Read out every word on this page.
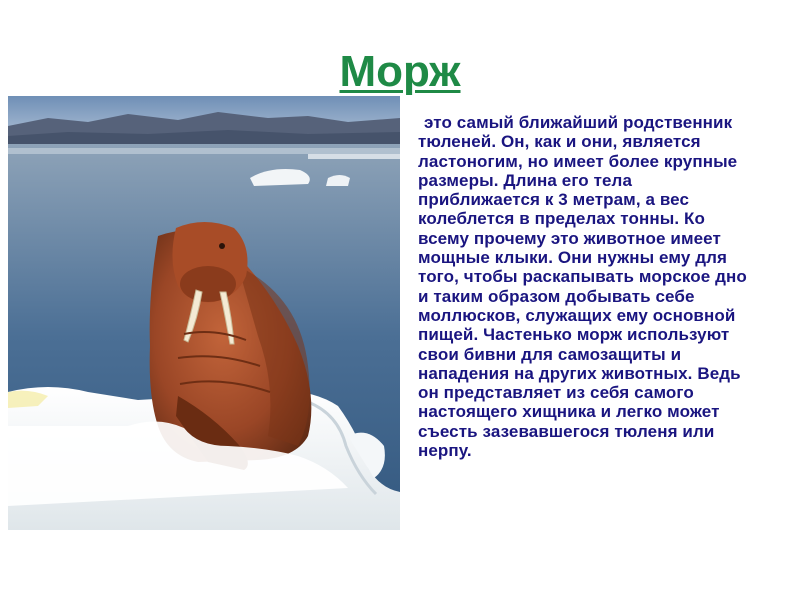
Морж

это самый ближайший родственник тюленей. Он, как и они, является ластоногим, но имеет более крупные размеры. Длина его тела приближается к 3 метрам, а вес колеблется в пределах тонны. Ко всему прочему это животное имеет мощные клыки. Они нужны ему для того, чтобы раскапывать морское дно и таким образом добывать себе моллюсков, служащих ему основной пищей. Частенько морж используют свои бивни для самозащиты и нападения на других животных. Ведь он представляет из себя самого настоящего хищника и легко может съесть зазевавшегося тюленя или нерпу.
